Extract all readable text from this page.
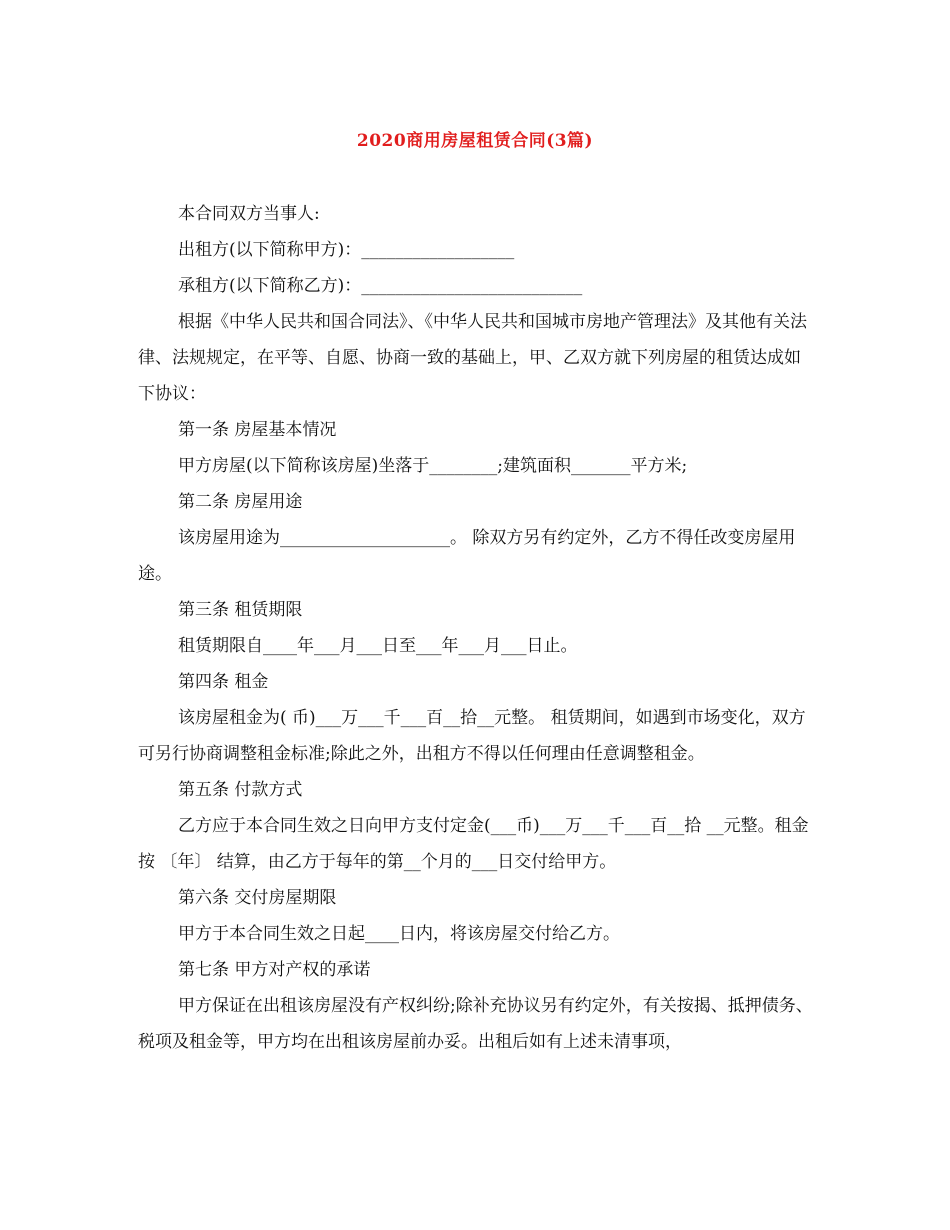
2020商用房屋租赁合同(3篇)

本合同双方当事人:

出租方(以下简称甲方)：__________________

承租方(以下简称乙方)：__________________________

根据《中华人民共和国合同法》、《中华人民共和国城市房地产管理法》及其他有关法律、法规规定，在平等、自愿、协商一致的基础上，甲、乙双方就下列房屋的租赁达成如下协议：

第一条 房屋基本情况

甲方房屋(以下简称该房屋)坐落于________;建筑面积_______平方米;

第二条 房屋用途

该房屋用途为____________________。 除双方另有约定外，乙方不得任改变房屋用途。

第三条 租赁期限

租赁期限自____年___月___日至___年___月___日止。

第四条 租金

该房屋租金为( 币)___万___千___百__拾__元整。 租赁期间，如遇到市场变化，双方可另行协商调整租金标准;除此之外，出租方不得以任何理由任意调整租金。

第五条 付款方式

乙方应于本合同生效之日向甲方支付定金(___币)___万___千___百__拾 __元整。租金按 〔年〕 结算，由乙方于每年的第__个月的___日交付给甲方。

第六条 交付房屋期限

甲方于本合同生效之日起____日内，将该房屋交付给乙方。

第七条 甲方对产权的承诺

甲方保证在出租该房屋没有产权纠纷;除补充协议另有约定外，有关按揭、抵押债务、税项及租金等，甲方均在出租该房屋前办妥。出租后如有上述未清事项，
